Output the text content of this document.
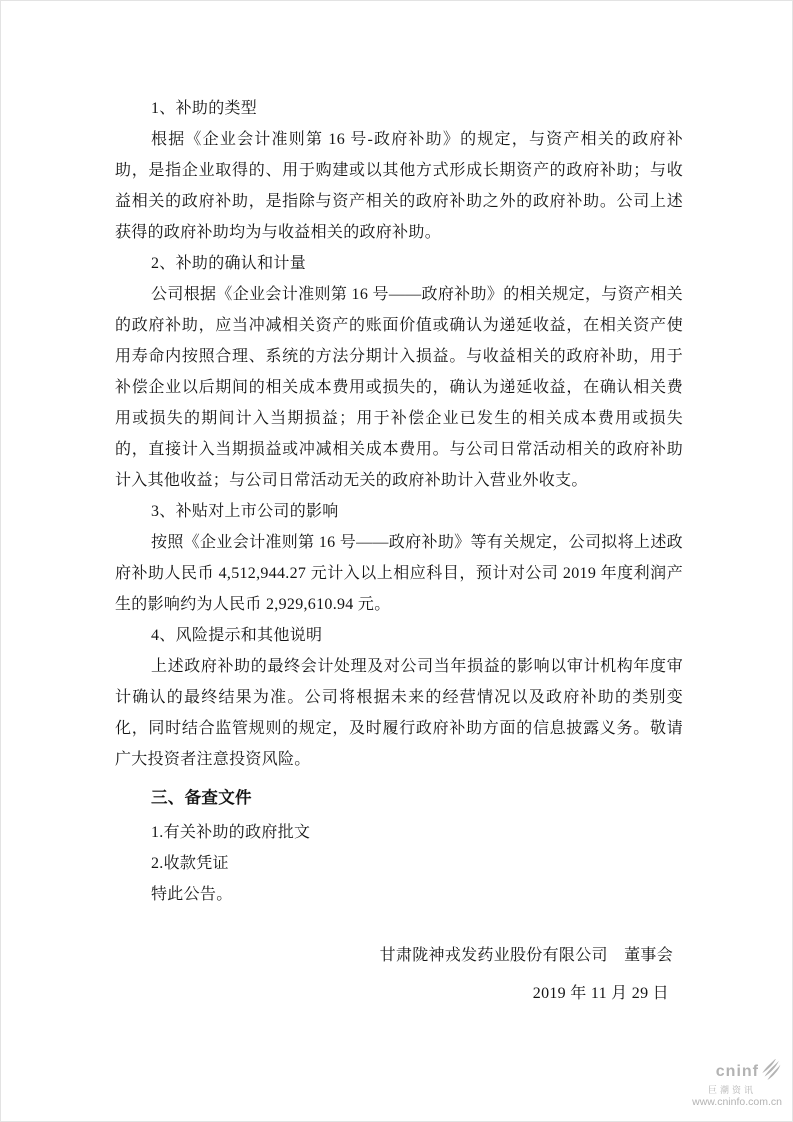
1、补助的类型

根据《企业会计准则第 16 号-政府补助》的规定，与资产相关的政府补助，是指企业取得的、用于购建或以其他方式形成长期资产的政府补助；与收益相关的政府补助，是指除与资产相关的政府补助之外的政府补助。公司上述获得的政府补助均为与收益相关的政府补助。

2、补助的确认和计量

公司根据《企业会计准则第 16 号——政府补助》的相关规定，与资产相关的政府补助，应当冲减相关资产的账面价值或确认为递延收益，在相关资产使用寿命内按照合理、系统的方法分期计入损益。与收益相关的政府补助，用于补偿企业以后期间的相关成本费用或损失的，确认为递延收益，在确认相关费用或损失的期间计入当期损益；用于补偿企业已发生的相关成本费用或损失的，直接计入当期损益或冲减相关成本费用。与公司日常活动相关的政府补助计入其他收益；与公司日常活动无关的政府补助计入营业外收支。

3、补贴对上市公司的影响

按照《企业会计准则第 16 号——政府补助》等有关规定，公司拟将上述政府补助人民币 4,512,944.27 元计入以上相应科目，预计对公司 2019 年度利润产生的影响约为人民币 2,929,610.94 元。

4、风险提示和其他说明

上述政府补助的最终会计处理及对公司当年损益的影响以审计机构年度审计确认的最终结果为准。公司将根据未来的经营情况以及政府补助的类别变化，同时结合监管规则的规定，及时履行政府补助方面的信息披露义务。敬请广大投资者注意投资风险。

三、备查文件

1.有关补助的政府批文

2.收款凭证

特此公告。

甘肃陇神戎发药业股份有限公司　董事会

2019 年 11 月 29 日

cninf
巨潮资讯
www.cninfo.com.cn
